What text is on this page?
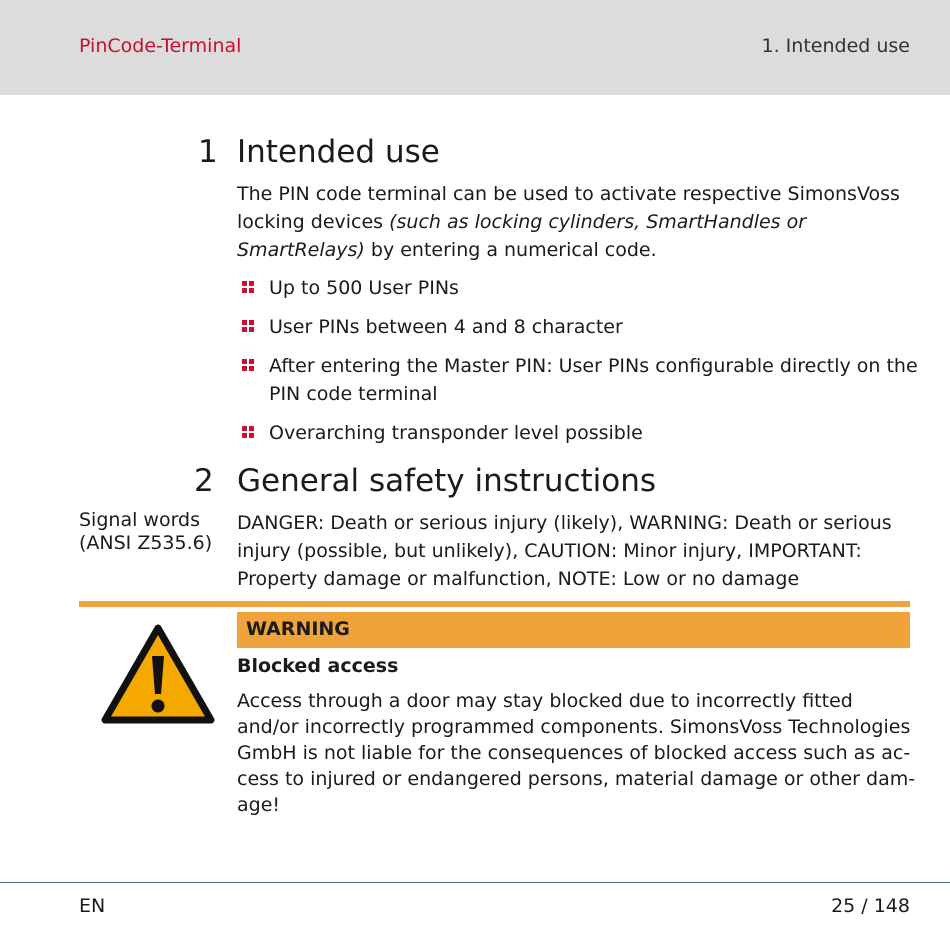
PinCode-Terminal	1. Intended use
1 Intended use
The PIN code terminal can be used to activate respective SimonsVoss locking devices (such as locking cylinders, SmartHandles or SmartRelays) by entering a numerical code.
Up to 500 User PINs
User PINs between 4 and 8 character
After entering the Master PIN: User PINs configurable directly on the PIN code terminal
Overarching transponder level possible
2 General safety instructions
Signal words (ANSI Z535.6)
DANGER: Death or serious injury (likely), WARNING: Death or serious injury (possible, but unlikely), CAUTION: Minor injury, IMPORTANT: Property damage or malfunction, NOTE: Low or no damage
WARNING
Blocked access
Access through a door may stay blocked due to incorrectly fitted and/or incorrectly programmed components. SimonsVoss Technologies GmbH is not liable for the consequences of blocked access such as ac-cess to injured or endangered persons, material damage or other dam-age!
EN	25 / 148
